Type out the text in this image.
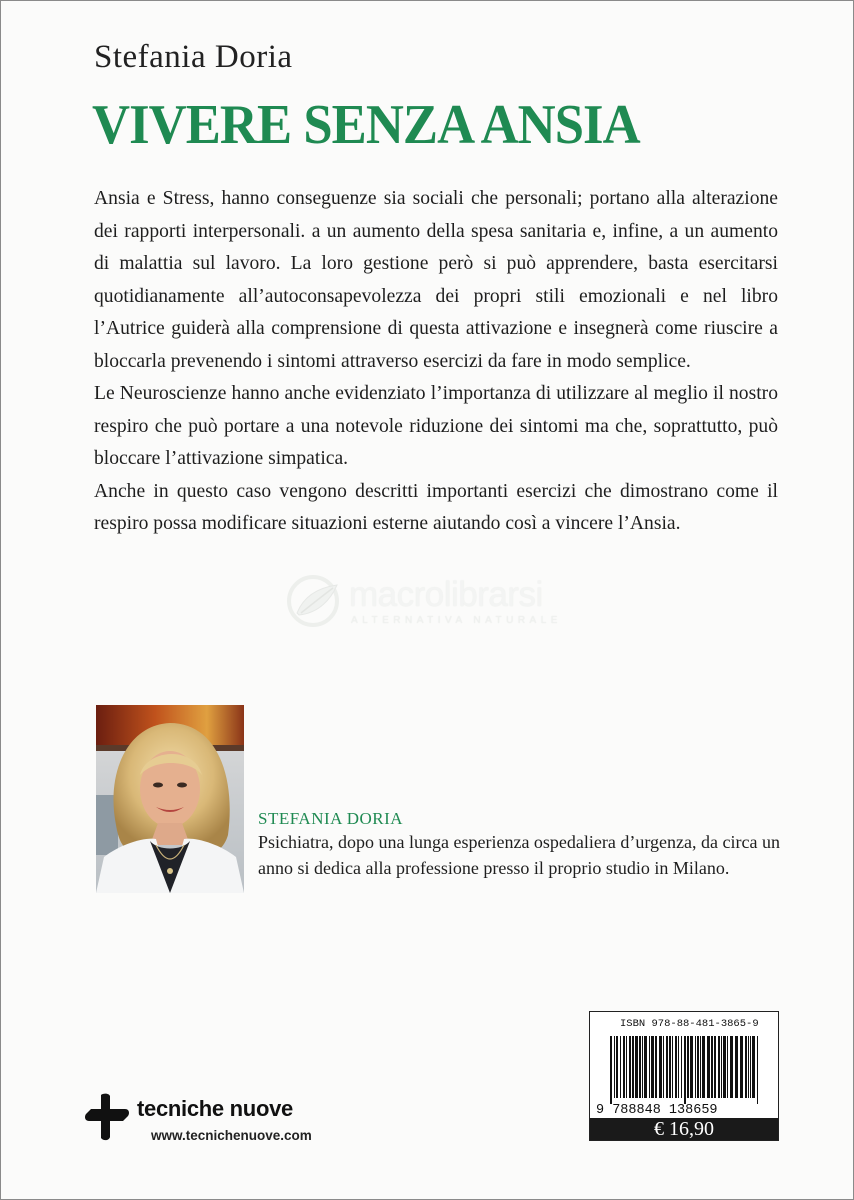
Stefania Doria
VIVERE SENZA ANSIA

Ansia e Stress, hanno conseguenze sia sociali che personali; portano alla alterazione dei rapporti interpersonali. a un aumento della spesa sanitaria e, infine, a un aumento di malattia sul lavoro. La loro gestione però si può apprendere, basta esercitarsi quotidianamente all’autoconsapevolezza dei propri stili emozionali e nel libro l’Autrice guiderà alla comprensione di questa attivazione e insegnerà come riuscire a bloccarla prevenendo i sintomi attraverso esercizi da fare in modo semplice.

Le Neuroscienze hanno anche evidenziato l’importanza di utilizzare al meglio il nostro respiro che può portare a una notevole riduzione dei sintomi ma che, soprattutto, può bloccare l’attivazione simpatica.

Anche in questo caso vengono descritti importanti esercizi che dimostrano come il respiro possa modificare situazioni esterne aiutando così a vincere l’Ansia.

macrolibrarsi
ALTERNATIVA NATURALE
STEFANIA DORIA
Psichiatra, dopo una lunga esperienza ospedaliera d’urgenza, da circa un anno si dedica alla professione presso il proprio studio in Milano.
ISBN 978-88-481-3865-9
9 788848 138659
€ 16,90
tecniche nuove
www.tecnichenuove.com
